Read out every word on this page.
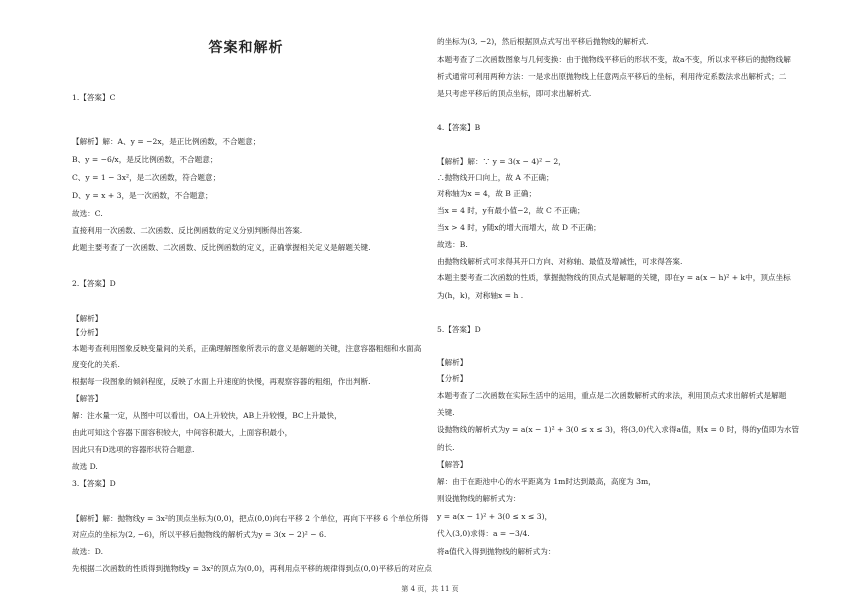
答案和解析
1.【答案】C
【解析】解：A、y = −2x，是正比例函数，不合题意；
B、y = −6/x，是反比例函数，不合题意；
C、y = 1 − 3x²，是二次函数，符合题意；
D、y = x + 3，是一次函数，不合题意；
故选：C.
直接利用一次函数、二次函数、反比例函数的定义分别判断得出答案.
此题主要考查了一次函数、二次函数、反比例函数的定义，正确掌握相关定义是解题关键.
2.【答案】D
【解析】
【分析】
本题考查利用图象反映变量间的关系，正确理解图象所表示的意义是解题的关键，注意容器粗细和水面高
度变化的关系.
根据每一段图象的倾斜程度，反映了水面上升速度的快慢，再观察容器的粗细，作出判断.
【解答】
解：注水量一定，从图中可以看出，OA上升较快，AB上升较慢，BC上升最快，
由此可知这个容器下面容积较大，中间容积最大，上面容积最小，
因此只有D选项的容器形状符合题意.
故选 D.
3.【答案】D
【解析】解：抛物线y = 3x²的顶点坐标为(0,0)，把点(0,0)向右平移 2 个单位，再向下平移 6 个单位所得
对应点的坐标为(2, −6)，所以平移后抛物线的解析式为y = 3(x − 2)² − 6.
故选：D.
先根据二次函数的性质得到抛物线y = 3x²的顶点为(0,0)，再利用点平移的规律得到点(0,0)平移后的对应点
的坐标为(3, −2)，然后根据顶点式写出平移后抛物线的解析式.
本题考查了二次函数图象与几何变换：由于抛物线平移后的形状不变，故a不变，所以求平移后的抛物线解
析式通常可利用两种方法：一是求出原抛物线上任意两点平移后的坐标，利用待定系数法求出解析式；二
是只考虑平移后的顶点坐标，即可求出解析式.
4.【答案】B
【解析】解：∵ y = 3(x − 4)² − 2，
∴抛物线开口向上，故 A 不正确；
对称轴为x = 4，故 B 正确；
当x = 4 时，y有最小值−2，故 C 不正确；
当x > 4 时，y随x的增大而增大，故 D 不正确；
故选：B.
由抛物线解析式可求得其开口方向、对称轴、最值及增减性，可求得答案.
本题主要考查二次函数的性质，掌握抛物线的顶点式是解题的关键，即在y = a(x − h)² + k中，顶点坐标
为(h，k)，对称轴x = h .
5.【答案】D
【解析】
【分析】
本题考查了二次函数在实际生活中的运用，重点是二次函数解析式的求法，利用顶点式求出解析式是解题
关键.
设抛物线的解析式为y = a(x − 1)² + 3(0 ≤ x ≤ 3)，将(3,0)代入求得a值，则x = 0 时，得的y值即为水管
的长.
【解答】
解：由于在距池中心的水平距离为 1m时达到最高，高度为 3m，
则设抛物线的解析式为：
y = a(x − 1)² + 3(0 ≤ x ≤ 3)，
代入(3,0)求得：a = −3/4.
将a值代入得到抛物线的解析式为：
第 4 页，共 11 页
